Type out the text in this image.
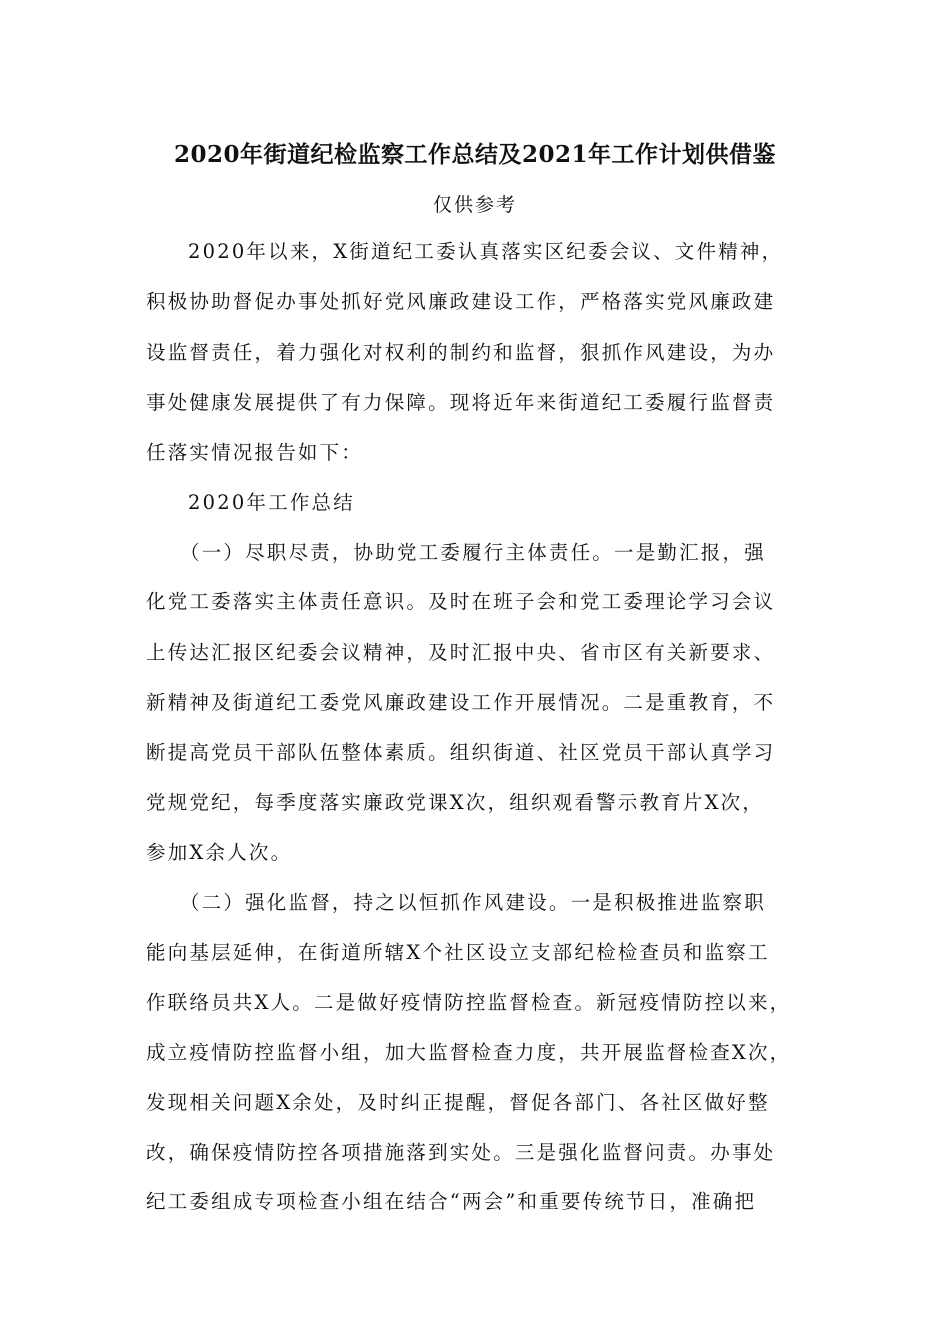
2020年街道纪检监察工作总结及2021年工作计划供借鉴
仅供参考
2020年以来，X街道纪工委认真落实区纪委会议、文件精神，
积极协助督促办事处抓好党风廉政建设工作，严格落实党风廉政建
设监督责任，着力强化对权利的制约和监督，狠抓作风建设，为办
事处健康发展提供了有力保障。现将近年来街道纪工委履行监督责
任落实情况报告如下：
2020年工作总结
（一）尽职尽责，协助党工委履行主体责任。一是勤汇报，强
化党工委落实主体责任意识。及时在班子会和党工委理论学习会议
上传达汇报区纪委会议精神，及时汇报中央、省市区有关新要求、
新精神及街道纪工委党风廉政建设工作开展情况。二是重教育，不
断提高党员干部队伍整体素质。组织街道、社区党员干部认真学习
党规党纪，每季度落实廉政党课X次，组织观看警示教育片X次，
参加X余人次。
（二）强化监督，持之以恒抓作风建设。一是积极推进监察职
能向基层延伸，在街道所辖X个社区设立支部纪检检查员和监察工
作联络员共X人。二是做好疫情防控监督检查。新冠疫情防控以来，
成立疫情防控监督小组，加大监督检查力度，共开展监督检查X次，
发现相关问题X余处，及时纠正提醒，督促各部门、各社区做好整
改，确保疫情防控各项措施落到实处。三是强化监督问责。办事处
纪工委组成专项检查小组在结合“两会”和重要传统节日，准确把
